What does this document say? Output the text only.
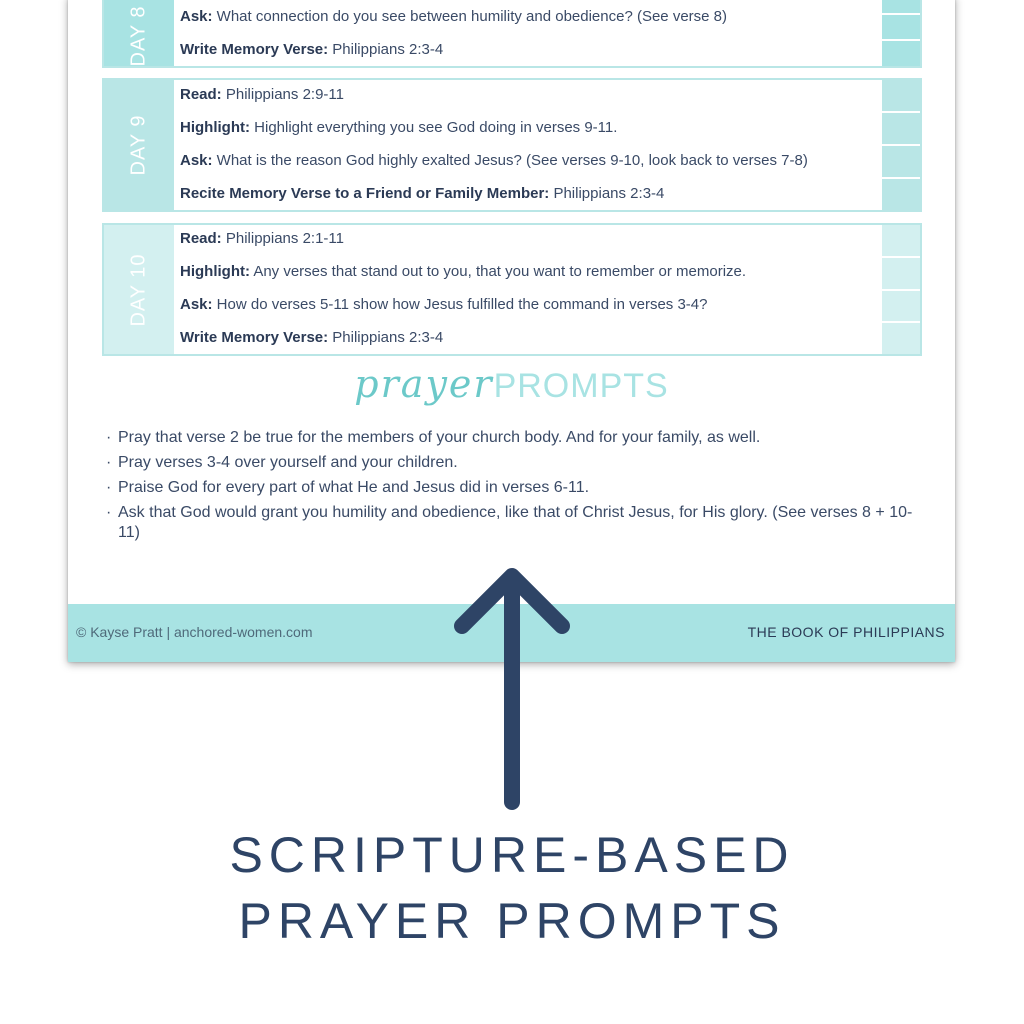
DAY 8 Ask: What connection do you see between humility and obedience? (See verse 8)
Write Memory Verse: Philippians 2:3-4
DAY 9
Read: Philippians 2:9-11
Highlight: Highlight everything you see God doing in verses 9-11.
Ask: What is the reason God highly exalted Jesus? (See verses 9-10, look back to verses 7-8)
Recite Memory Verse to a Friend or Family Member: Philippians 2:3-4
DAY 10
Read: Philippians 2:1-11
Highlight: Any verses that stand out to you, that you want to remember or memorize.
Ask: How do verses 5-11 show how Jesus fulfilled the command in verses 3-4?
Write Memory Verse: Philippians 2:3-4
prayerPROMPTS
· Pray that verse 2 be true for the members of your church body. And for your family, as well.
· Pray verses 3-4 over yourself and your children.
· Praise God for every part of what He and Jesus did in verses 6-11.
· Ask that God would grant you humility and obedience, like that of Christ Jesus, for His glory. (See verses 8 + 10-11)
© Kayse Pratt | anchored-women.com	THE BOOK OF PHILIPPIANS
SCRIPTURE-BASED
PRAYER PROMPTS
